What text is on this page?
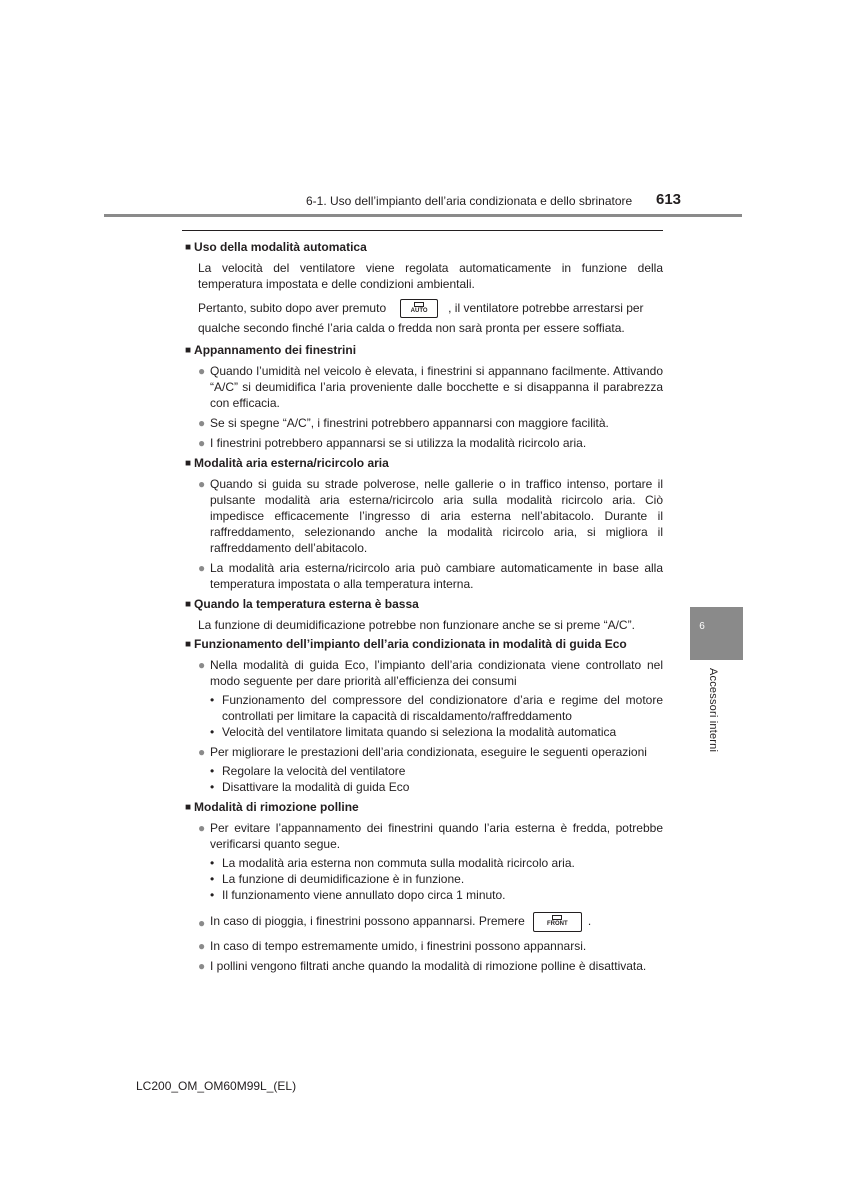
6-1. Uso dell’impianto dell’aria condizionata e dello sbrinatore 613
■ Uso della modalità automatica
La velocità del ventilatore viene regolata automaticamente in funzione della temperatura impostata e delle condizioni ambientali.
Pertanto, subito dopo aver premuto	AUTO	, il ventilatore potrebbe arrestarsi per
qualche secondo finché l’aria calda o fredda non sarà pronta per essere soffiata.
■ Appannamento dei finestrini
● Quando l’umidità nel veicolo è elevata, i finestrini si appannano facilmente. Attivando “A/C” si deumidifica l’aria proveniente dalle bocchette e si disappanna il parabrezza con efficacia.
● Se si spegne “A/C”, i finestrini potrebbero appannarsi con maggiore facilità.
● I finestrini potrebbero appannarsi se si utilizza la modalità ricircolo aria.
■ Modalità aria esterna/ricircolo aria
● Quando si guida su strade polverose, nelle gallerie o in traffico intenso, portare il pulsante modalità aria esterna/ricircolo aria sulla modalità ricircolo aria. Ciò impedisce efficacemente l’ingresso di aria esterna nell’abitacolo. Durante il raffreddamento, selezionando anche la modalità ricircolo aria, si migliora il raffreddamento dell’abitacolo.
● La modalità aria esterna/ricircolo aria può cambiare automaticamente in base alla temperatura impostata o alla temperatura interna.
■ Quando la temperatura esterna è bassa
La funzione di deumidificazione potrebbe non funzionare anche se si preme “A/C”.
■ Funzionamento dell’impianto dell’aria condizionata in modalità di guida Eco
● Nella modalità di guida Eco, l’impianto dell’aria condizionata viene controllato nel modo seguente per dare priorità all’efficienza dei consumi
• Funzionamento del compressore del condizionatore d’aria e regime del motore controllati per limitare la capacità di riscaldamento/raffreddamento
• Velocità del ventilatore limitata quando si seleziona la modalità automatica
● Per migliorare le prestazioni dell’aria condizionata, eseguire le seguenti operazioni
• Regolare la velocità del ventilatore
• Disattivare la modalità di guida Eco
■ Modalità di rimozione polline
● Per evitare l’appannamento dei finestrini quando l’aria esterna è fredda, potrebbe verificarsi quanto segue.
• La modalità aria esterna non commuta sulla modalità ricircolo aria.
• La funzione di deumidificazione è in funzione.
• Il funzionamento viene annullato dopo circa 1 minuto.
● In caso di pioggia, i finestrini possono appannarsi. Premere	FRONT	.
● In caso di tempo estremamente umido, i finestrini possono appannarsi.
● I pollini vengono filtrati anche quando la modalità di rimozione polline è disattivata.
6
Accessori interni
LC200_OM_OM60M99L_(EL)
